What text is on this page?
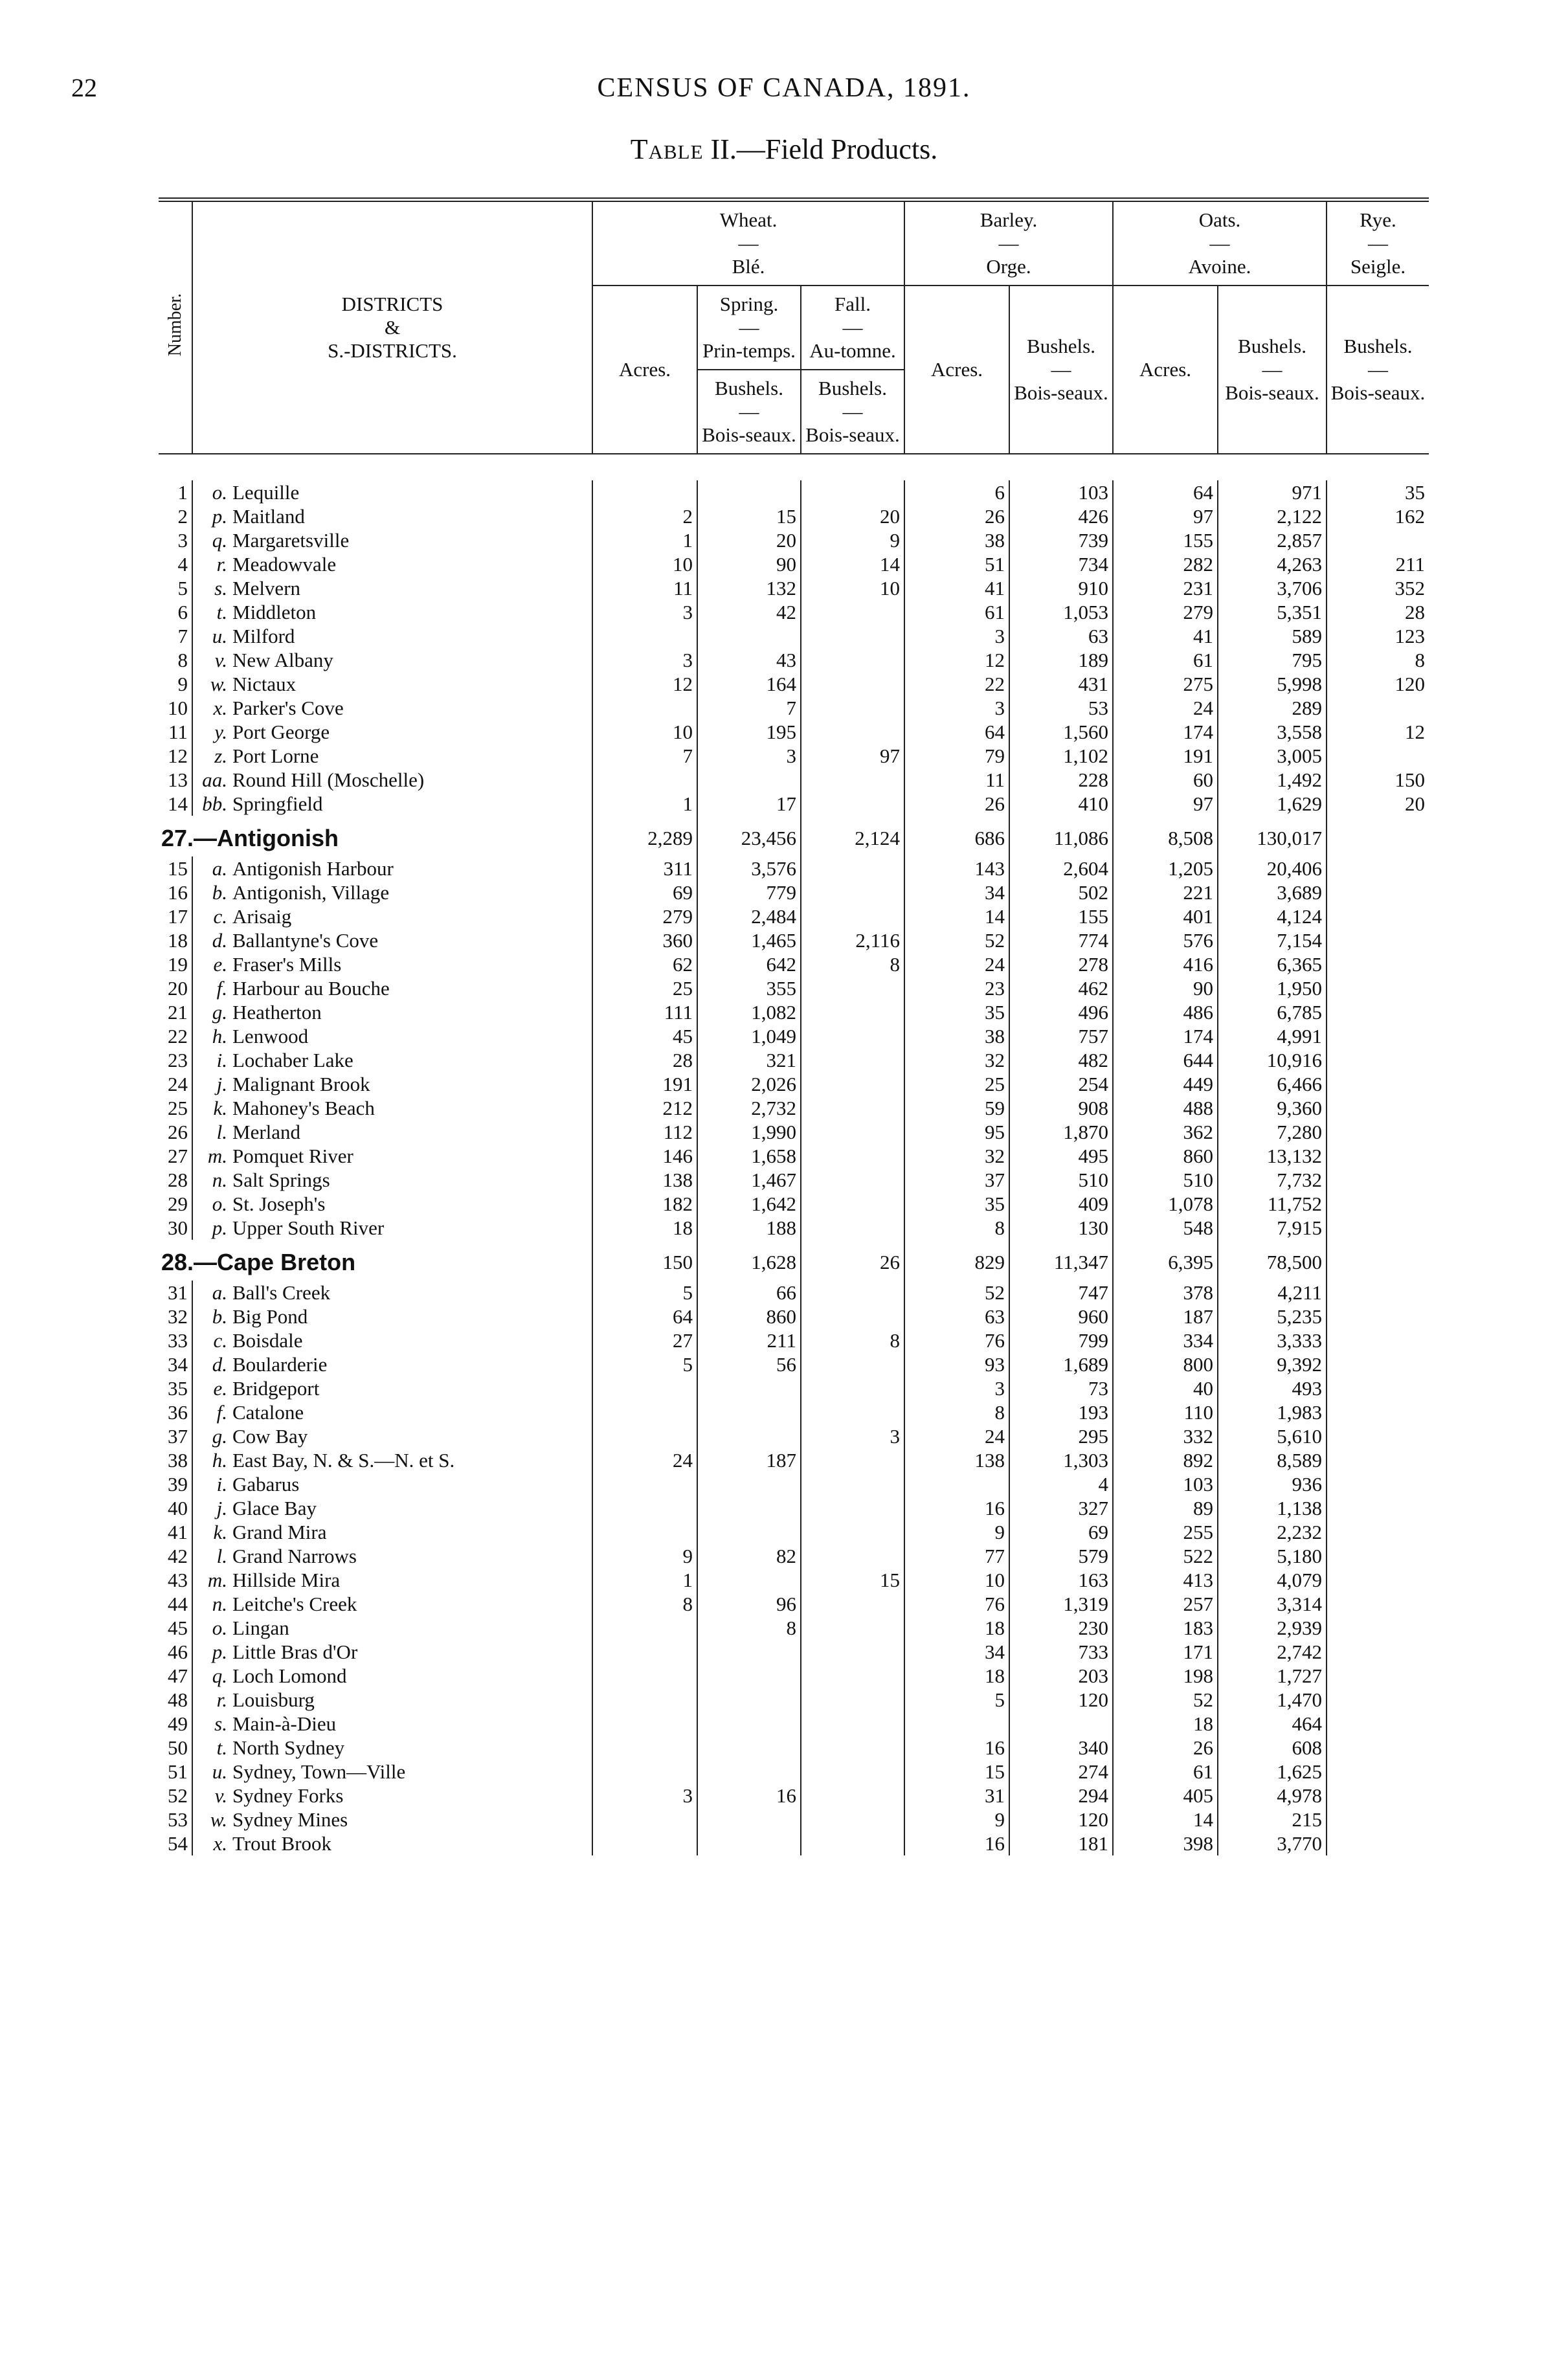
22	CENSUS OF CANADA, 1891.
Table II.—Field Products.
Number.	DISTRICTS
&
S.-DISTRICTS.		Wheat.
—
Blé.			Barley.
—
Orge.		Oats.
—
Avoine.		Rye.
—
Seigle.

			Acres.	Spring.
—
Prin-temps.	Fall.
—
Au-tomne.	Acres.	Bushels.
—
Bois-seaux.	Acres.	Bushels.
—
Bois-seaux.	Bushels.
—
Bois-seaux.

				Bushels.
—
Bois-seaux.	Bushels.
—
Bois-seaux.					

1	o.	Lequille				6	103	64	971	35
2	p.	Maitland	2	15	20	26	426	97	2,122	162
3	q.	Margaretsville	1	20	9	38	739	155	2,857	
4	r.	Meadowvale	10	90	14	51	734	282	4,263	211
5	s.	Melvern	11	132	10	41	910	231	3,706	352
6	t.	Middleton	3	42		61	1,053	279	5,351	28
7	u.	Milford				3	63	41	589	123
8	v.	New Albany	3	43		12	189	61	795	8
9	w.	Nictaux	12	164		22	431	275	5,998	120
10	x.	Parker's Cove		7		3	53	24	289	
11	y.	Port George	10	195		64	1,560	174	3,558	12
12	z.	Port Lorne	7	3	97	79	1,102	191	3,005	
13	aa.	Round Hill (Moschelle)				11	228	60	1,492	150
14	bb.	Springfield	1	17		26	410	97	1,629	20
27.—Antigonish			2,289	23,456	2,124	686	11,086	8,508	130,017	
15	a.	Antigonish Harbour	311	3,576		143	2,604	1,205	20,406	
16	b.	Antigonish, Village	69	779		34	502	221	3,689	
17	c.	Arisaig	279	2,484		14	155	401	4,124	
18	d.	Ballantyne's Cove	360	1,465	2,116	52	774	576	7,154	
19	e.	Fraser's Mills	62	642	8	24	278	416	6,365	
20	f.	Harbour au Bouche	25	355		23	462	90	1,950	
21	g.	Heatherton	111	1,082		35	496	486	6,785	
22	h.	Lenwood	45	1,049		38	757	174	4,991	
23	i.	Lochaber Lake	28	321		32	482	644	10,916	
24	j.	Malignant Brook	191	2,026		25	254	449	6,466	
25	k.	Mahoney's Beach	212	2,732		59	908	488	9,360	
26	l.	Merland	112	1,990		95	1,870	362	7,280	
27	m.	Pomquet River	146	1,658		32	495	860	13,132	
28	n.	Salt Springs	138	1,467		37	510	510	7,732	
29	o.	St. Joseph's	182	1,642		35	409	1,078	11,752	
30	p.	Upper South River	18	188		8	130	548	7,915	
28.—Cape Breton			150	1,628	26	829	11,347	6,395	78,500	
31	a.	Ball's Creek	5	66		52	747	378	4,211	
32	b.	Big Pond	64	860		63	960	187	5,235	
33	c.	Boisdale	27	211	8	76	799	334	3,333	
34	d.	Boularderie	5	56		93	1,689	800	9,392	
35	e.	Bridgeport				3	73	40	493	
36	f.	Catalone				8	193	110	1,983	
37	g.	Cow Bay			3	24	295	332	5,610	
38	h.	East Bay, N. & S.—N. et S.	24	187		138	1,303	892	8,589	
39	i.	Gabarus					4	103	936	
40	j.	Glace Bay				16	327	89	1,138	
41	k.	Grand Mira				9	69	255	2,232	
42	l.	Grand Narrows	9	82		77	579	522	5,180	
43	m.	Hillside Mira	1		15	10	163	413	4,079	
44	n.	Leitche's Creek	8	96		76	1,319	257	3,314	
45	o.	Lingan		8		18	230	183	2,939	
46	p.	Little Bras d'Or				34	733	171	2,742	
47	q.	Loch Lomond				18	203	198	1,727	
48	r.	Louisburg				5	120	52	1,470	
49	s.	Main-à-Dieu						18	464	
50	t.	North Sydney				16	340	26	608	
51	u.	Sydney, Town—Ville				15	274	61	1,625	
52	v.	Sydney Forks	3	16		31	294	405	4,978	
53	w.	Sydney Mines				9	120	14	215	
54	x.	Trout Brook				16	181	398	3,770	
